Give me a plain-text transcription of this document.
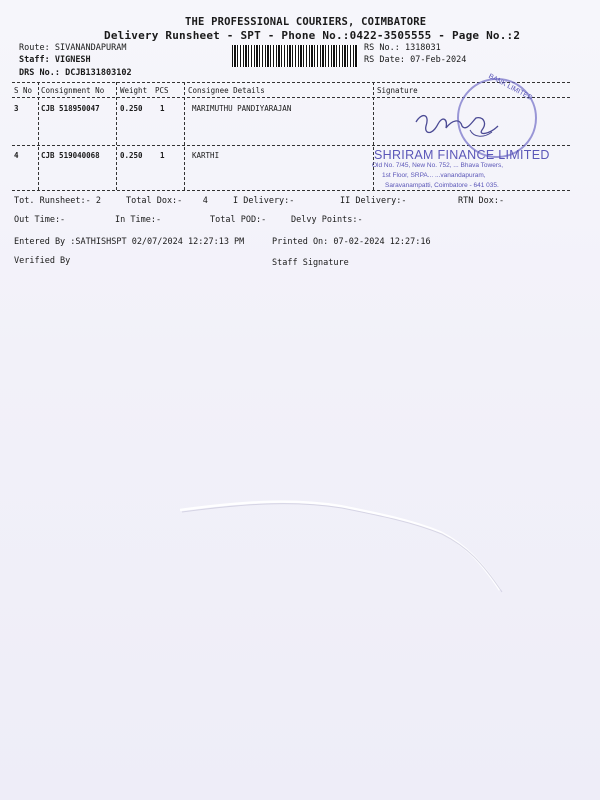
THE PROFESSIONAL COURIERS, COIMBATORE
Delivery Runsheet - SPT - Phone No.:0422-3505555 - Page No.:2
Route: SIVANANDAPURAM
Staff: VIGNESH
DRS No.: DCJB131803102
RS No.: 1318031
RS Date: 07-Feb-2024
S No Consignment No Weight PCS	Consignee Details	Signature
3	CJB 518950047	0.250 1	MARIMUTHU PANDIYARAJAN
4	CJB 519040068	0.250 1	KARTHI
BANK LIMITED
SHRIRAM FINANCE LIMITED
Old No. 7/45, New No. 752, ... Bhava Towers,
1st Floor, SRPA... ...vanandapuram,
Saravanampatti, Coimbatore - 641 035.
Tot. Runsheet:- 2	Total Dox:- 4	I Delivery:-	II Delivery:-	RTN Dox:-
Out Time:-	In Time:-	Total POD:-	Delvy Points:-
Entered By :SATHISHSPT 02/07/2024 12:27:13 PM	Printed On: 07-02-2024 12:27:16
Verified By	Staff Signature
